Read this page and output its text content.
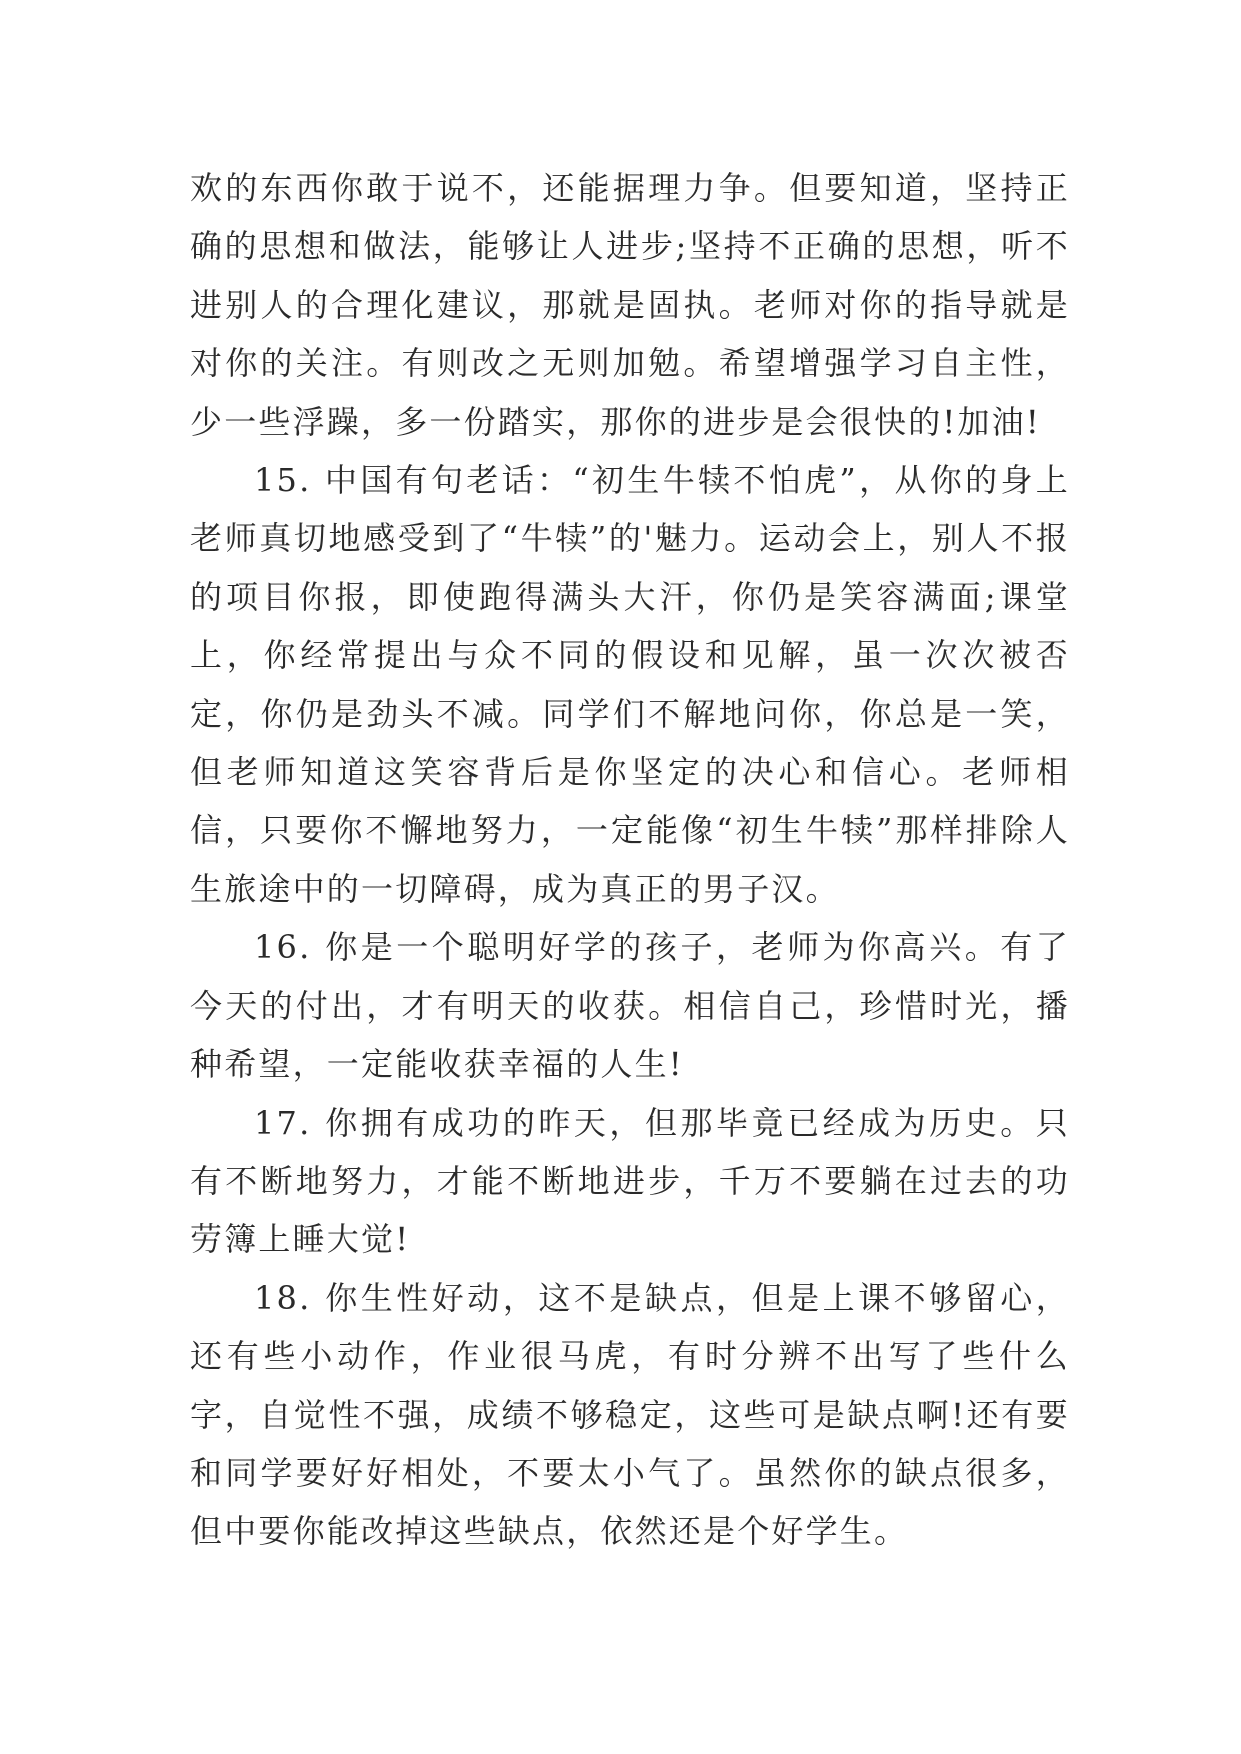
欢的东西你敢于说不，还能据理力争。但要知道，坚持正确的思想和做法，能够让人进步;坚持不正确的思想，听不进别人的合理化建议，那就是固执。老师对你的指导就是对你的关注。有则改之无则加勉。希望增强学习自主性，少一些浮躁，多一份踏实，那你的进步是会很快的!加油!

15. 中国有句老话：“初生牛犊不怕虎”，从你的身上老师真切地感受到了“牛犊”的'魅力。运动会上，别人不报的项目你报，即使跑得满头大汗，你仍是笑容满面;课堂上，你经常提出与众不同的假设和见解，虽一次次被否定，你仍是劲头不减。同学们不解地问你，你总是一笑，但老师知道这笑容背后是你坚定的决心和信心。老师相信，只要你不懈地努力，一定能像“初生牛犊”那样排除人生旅途中的一切障碍，成为真正的男子汉。

16. 你是一个聪明好学的孩子，老师为你高兴。有了今天的付出，才有明天的收获。相信自己，珍惜时光，播种希望，一定能收获幸福的人生!

17. 你拥有成功的昨天，但那毕竟已经成为历史。只有不断地努力，才能不断地进步，千万不要躺在过去的功劳簿上睡大觉!

18. 你生性好动，这不是缺点，但是上课不够留心，还有些小动作，作业很马虎，有时分辨不出写了些什么字，自觉性不强，成绩不够稳定，这些可是缺点啊!还有要和同学要好好相处，不要太小气了。虽然你的缺点很多，但中要你能改掉这些缺点，依然还是个好学生。
